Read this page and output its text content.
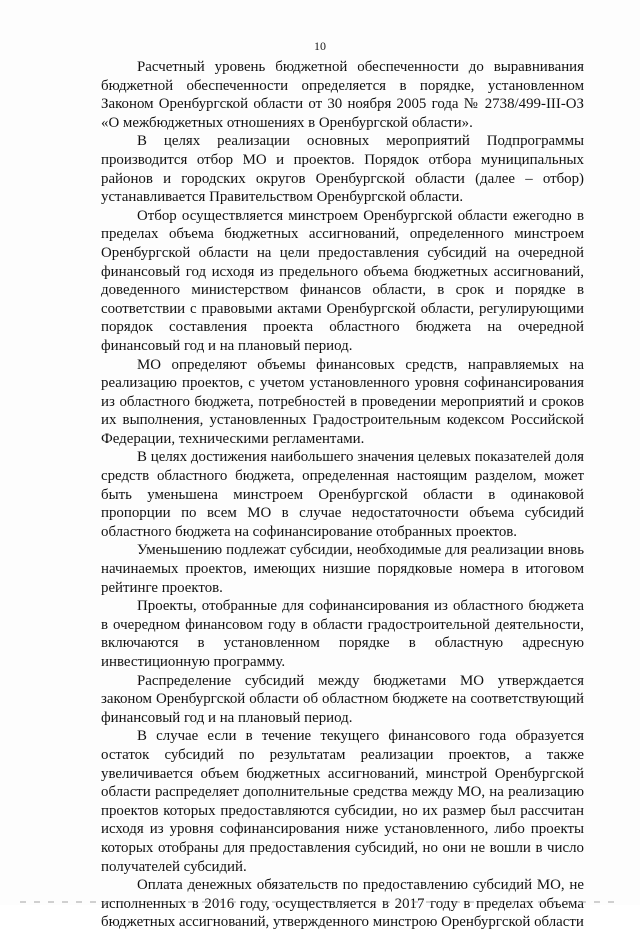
10

Расчетный уровень бюджетной обеспеченности до выравнивания бюджетной обеспеченности определяется в порядке, установленном Законом Оренбургской области от 30 ноября 2005 года № 2738/499-III-ОЗ «О межбюджетных отношениях в Оренбургской области».

В целях реализации основных мероприятий Подпрограммы производится отбор МО и проектов. Порядок отбора муниципальных районов и городских округов Оренбургской области (далее – отбор) устанавливается Правительством Оренбургской области.

Отбор осуществляется минстроем Оренбургской области ежегодно в пределах объема бюджетных ассигнований, определенного минстроем Оренбургской области на цели предоставления субсидий на очередной финансовый год исходя из предельного объема бюджетных ассигнований, доведенного министерством финансов области, в срок и порядке в соответствии с правовыми актами Оренбургской области, регулирующими порядок составления проекта областного бюджета на очередной финансовый год и на плановый период.

МО определяют объемы финансовых средств, направляемых на реализацию проектов, с учетом установленного уровня софинансирования из областного бюджета, потребностей в проведении мероприятий и сроков их выполнения, установленных Градостроительным кодексом Российской Федерации, техническими регламентами.

В целях достижения наибольшего значения целевых показателей доля средств областного бюджета, определенная настоящим разделом, может быть уменьшена минстроем Оренбургской области в одинаковой пропорции по всем МО в случае недостаточности объема субсидий областного бюджета на софинансирование отобранных проектов.

Уменьшению подлежат субсидии, необходимые для реализации вновь начинаемых проектов, имеющих низшие порядковые номера в итоговом рейтинге проектов.

Проекты, отобранные для софинансирования из областного бюджета в очередном финансовом году в области градостроительной деятельности, включаются в установленном порядке в областную адресную инвестиционную программу.

Распределение субсидий между бюджетами МО утверждается законом Оренбургской области об областном бюджете на соответствующий финансовый год и на плановый период.

В случае если в течение текущего финансового года образуется остаток субсидий по результатам реализации проектов, а также увеличивается объем бюджетных ассигнований, минстрой Оренбургской области распределяет дополнительные средства между МО, на реализацию проектов которых предоставляются субсидии, но их размер был рассчитан исходя из уровня софинансирования ниже установленного, либо проекты которых отобраны для предоставления субсидий, но они не вошли в число получателей субсидий.

Оплата денежных обязательств по предоставлению субсидий МО, не исполненных в 2016 году, осуществляется в 2017 году в пределах объема бюджетных ассигнований, утвержденного минстрою Оренбургской области
